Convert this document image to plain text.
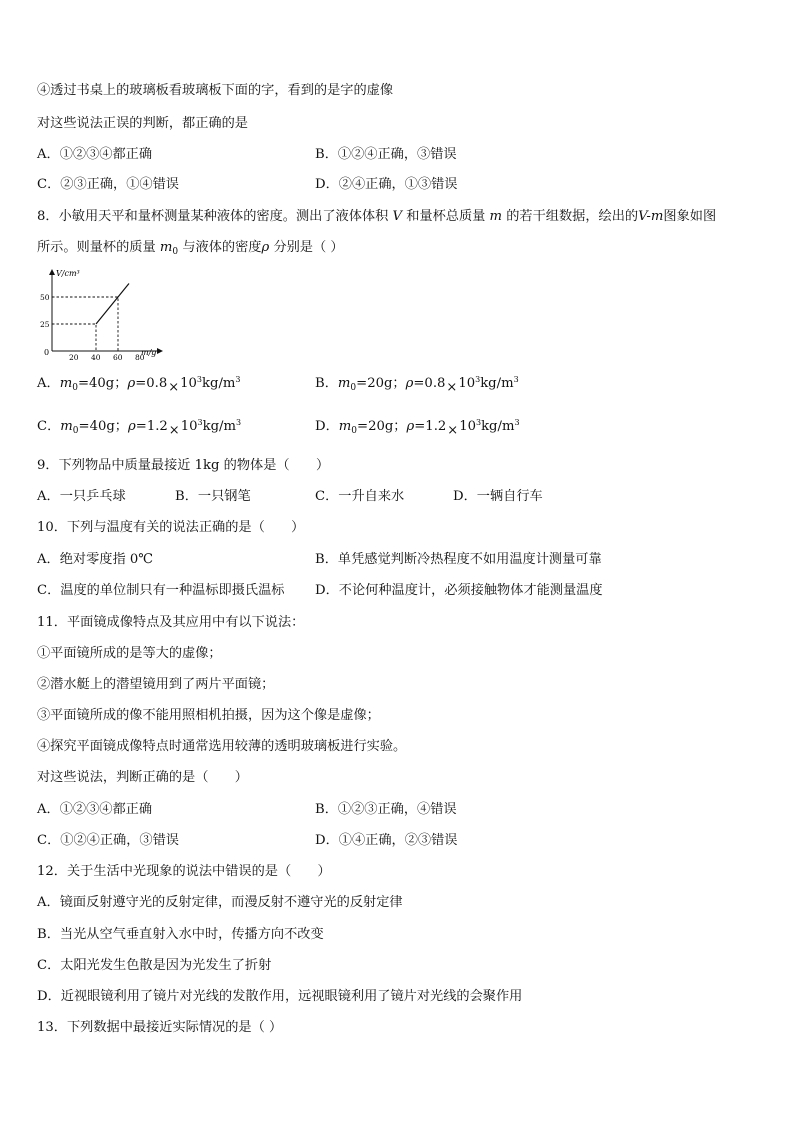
④透过书桌上的玻璃板看玻璃板下面的字，看到的是字的虚像
对这些说法正误的判断，都正确的是
A．①②③④都正确	B．①②④正确，③错误
C．②③正确，①④错误	D．②④正确，①③错误
8．小敏用天平和量杯测量某种液体的密度。测出了液体体积 V 和量杯总质量 m 的若干组数据，绘出的V-m图象如图
所示。则量杯的质量 $m_0$ 与液体的密度ρ 分别是（ ）
V/cm³
m/g
0
25
50
20 40 60 80
A．$m_0=40g$；$\rho=0.8\times 10^3kg/m^3$	B．$m_0=20g$；$\rho=0.8\times 10^3kg/m^3$
C．$m_0=40g$；$\rho=1.2\times 10^3kg/m^3$	D．$m_0=20g$；$\rho=1.2\times 10^3kg/m^3$
9．下列物品中质量最接近 1kg 的物体是（　　）
A．一只乒乓球	B．一只钢笔	C．一升自来水	D．一辆自行车
10．下列与温度有关的说法正确的是（　　）
A．绝对零度指 0℃	B．单凭感觉判断冷热程度不如用温度计测量可靠
C．温度的单位制只有一种温标即摄氏温标 D．不论何种温度计，必须接触物体才能测量温度
11．平面镜成像特点及其应用中有以下说法：
①平面镜所成的是等大的虚像；
②潜水艇上的潜望镜用到了两片平面镜；
③平面镜所成的像不能用照相机拍摄，因为这个像是虚像；
④探究平面镜成像特点时通常选用较薄的透明玻璃板进行实验。
对这些说法，判断正确的是（　　）
A．①②③④都正确	B．①②③正确，④错误
C．①②④正确，③错误	D．①④正确，②③错误
12．关于生活中光现象的说法中错误的是（　　）
A．镜面反射遵守光的反射定律，而漫反射不遵守光的反射定律
B．当光从空气垂直射入水中时，传播方向不改变
C．太阳光发生色散是因为光发生了折射
D．近视眼镜利用了镜片对光线的发散作用，远视眼镜利用了镜片对光线的会聚作用
13．下列数据中最接近实际情况的是（ ）
